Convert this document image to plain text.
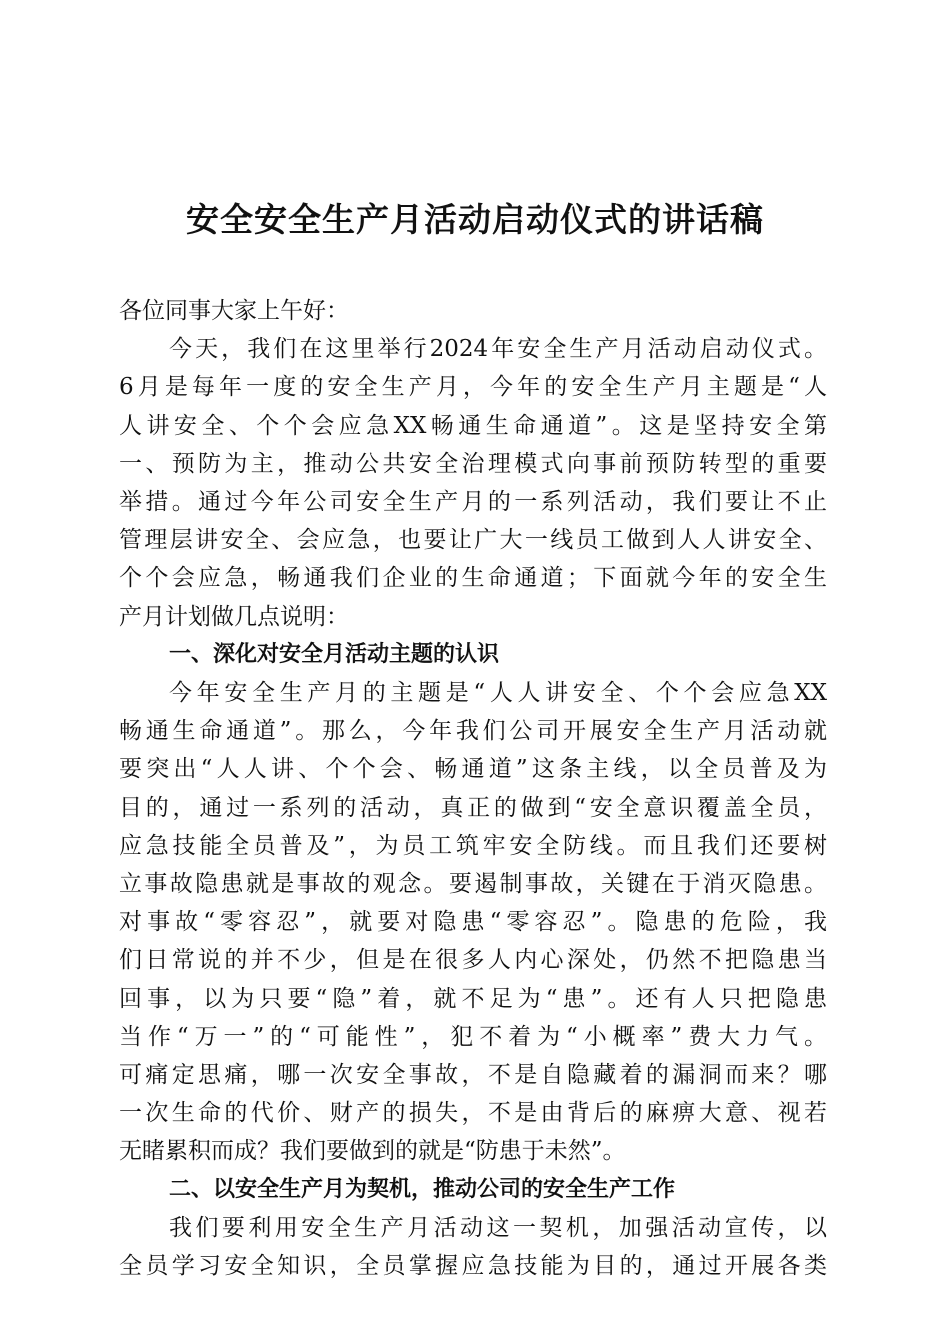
安全安全生产月活动启动仪式的讲话稿

各位同事大家上午好：

今天，我们在这里举行2024年安全生产月活动启动仪式。

6月是每年一度的安全生产月，今年的安全生产月主题是“人

人讲安全、个个会应急XX畅通生命通道”。这是坚持安全第

一、预防为主，推动公共安全治理模式向事前预防转型的重要

举措。通过今年公司安全生产月的一系列活动，我们要让不止

管理层讲安全、会应急，也要让广大一线员工做到人人讲安全、

个个会应急，畅通我们企业的生命通道；下面就今年的安全生

产月计划做几点说明：

一、深化对安全月活动主题的认识

今年安全生产月的主题是“人人讲安全、个个会应急XX

畅通生命通道”。那么，今年我们公司开展安全生产月活动就

要突出“人人讲、个个会、畅通道”这条主线，以全员普及为

目的，通过一系列的活动，真正的做到“安全意识覆盖全员，

应急技能全员普及”，为员工筑牢安全防线。而且我们还要树

立事故隐患就是事故的观念。要遏制事故，关键在于消灭隐患。

对事故“零容忍”，就要对隐患“零容忍”。隐患的危险，我

们日常说的并不少，但是在很多人内心深处，仍然不把隐患当

回事，以为只要“隐”着，就不足为“患”。还有人只把隐患

当作“万一”的“可能性”，犯不着为“小概率”费大力气。

可痛定思痛，哪一次安全事故，不是自隐藏着的漏洞而来？哪

一次生命的代价、财产的损失，不是由背后的麻痹大意、视若

无睹累积而成？我们要做到的就是“防患于未然”。

二、以安全生产月为契机，推动公司的安全生产工作

我们要利用安全生产月活动这一契机，加强活动宣传，以

全员学习安全知识，全员掌握应急技能为目的，通过开展各类
